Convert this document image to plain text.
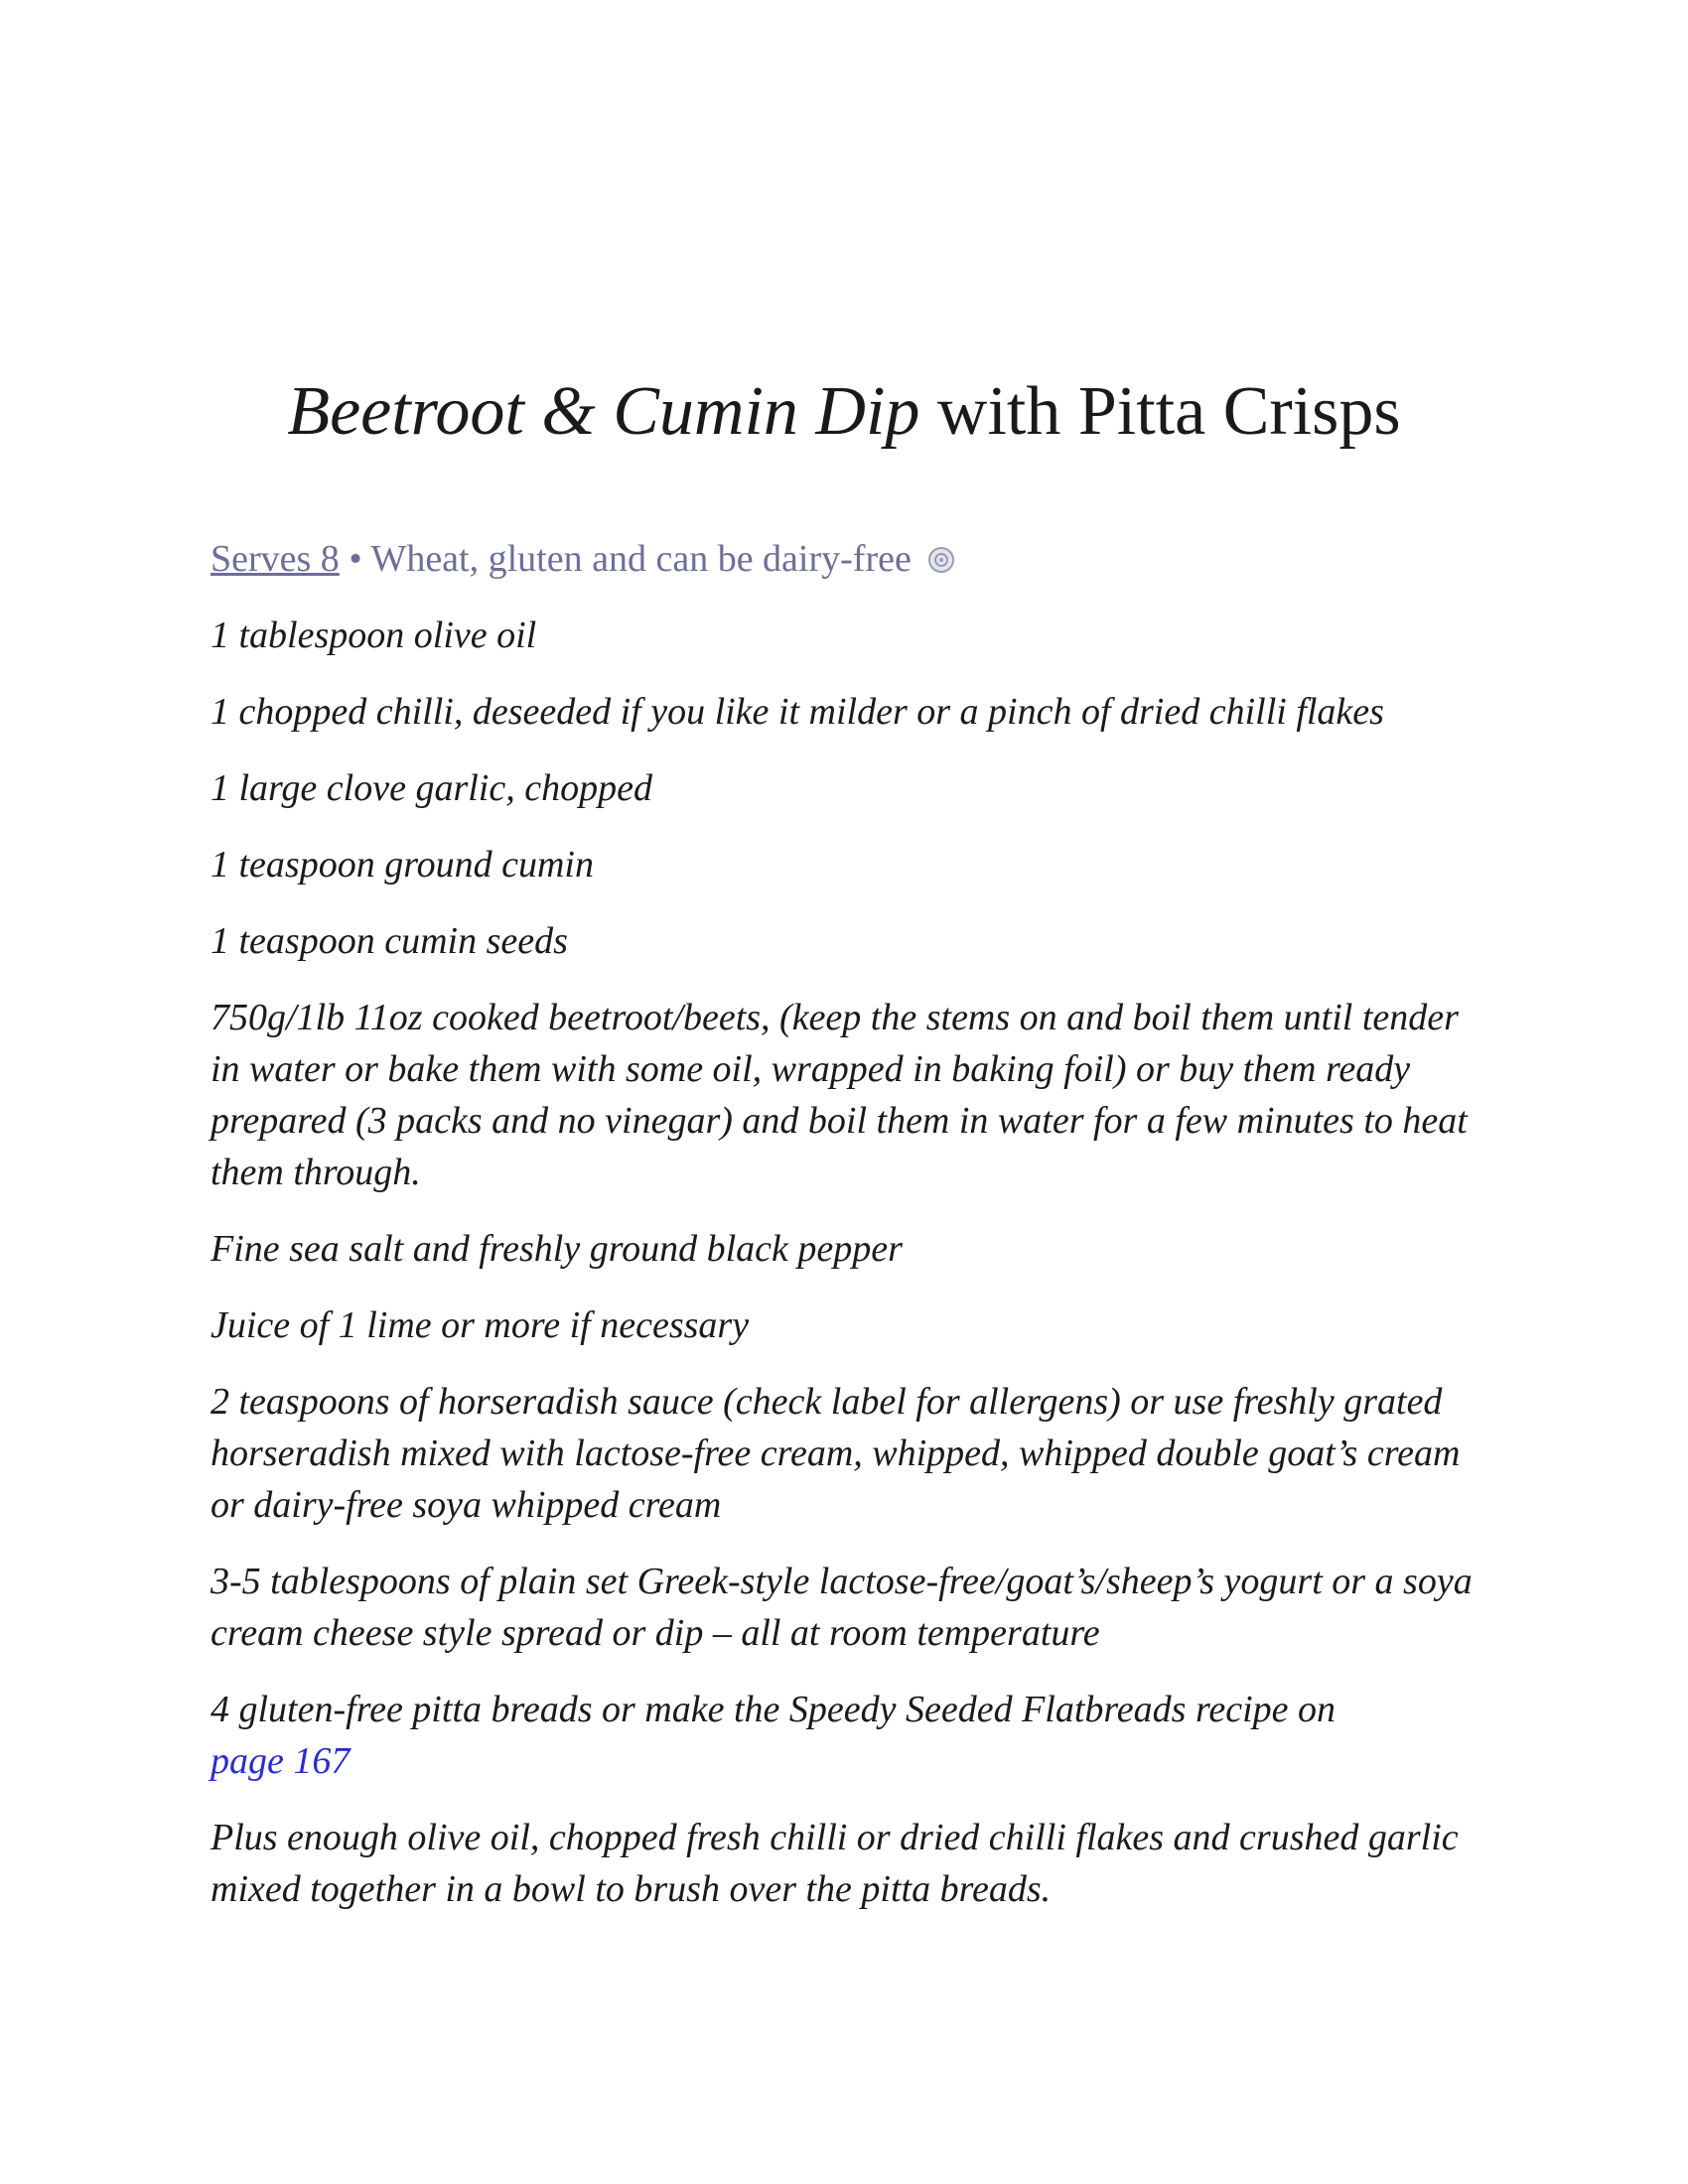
Beetroot & Cumin Dip with Pitta Crisps
Serves 8 • Wheat, gluten and can be dairy-free
1 tablespoon olive oil
1 chopped chilli, deseeded if you like it milder or a pinch of dried chilli flakes
1 large clove garlic, chopped
1 teaspoon ground cumin
1 teaspoon cumin seeds
750g/1lb 11oz cooked beetroot/beets, (keep the stems on and boil them until tender in water or bake them with some oil, wrapped in baking foil) or buy them ready prepared (3 packs and no vinegar) and boil them in water for a few minutes to heat them through.
Fine sea salt and freshly ground black pepper
Juice of 1 lime or more if necessary
2 teaspoons of horseradish sauce (check label for allergens) or use freshly grated horseradish mixed with lactose-free cream, whipped, whipped double goat’s cream or dairy-free soya whipped cream
3-5 tablespoons of plain set Greek-style lactose-free/goat’s/sheep’s yogurt or a soya cream cheese style spread or dip – all at room temperature
4 gluten-free pitta breads or make the Speedy Seeded Flatbreads recipe on
page 167
Plus enough olive oil, chopped fresh chilli or dried chilli flakes and crushed garlic mixed together in a bowl to brush over the pitta breads.
